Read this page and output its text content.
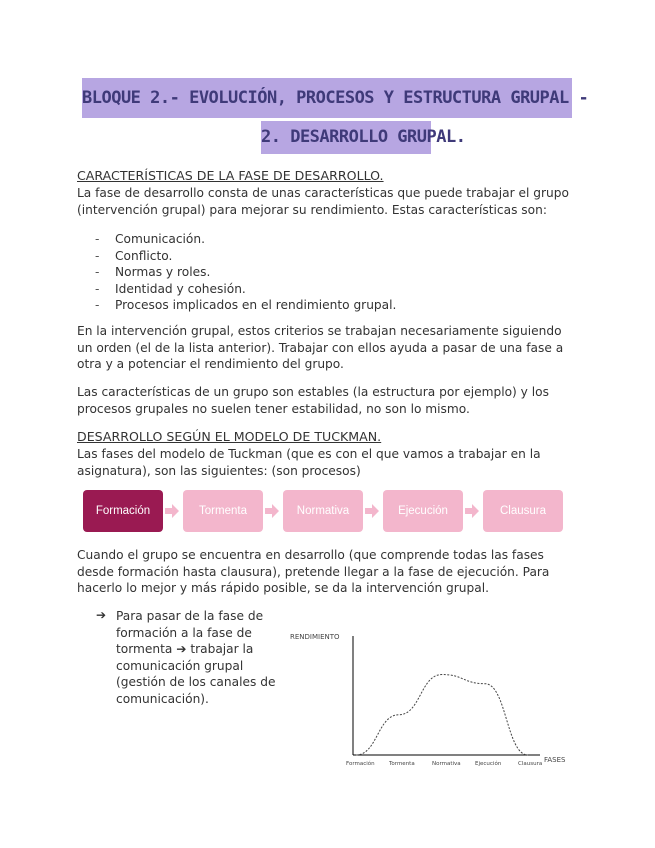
BLOQUE 2.- EVOLUCIÓN, PROCESOS Y ESTRUCTURA GRUPAL -
2. DESARROLLO GRUPAL.
CARACTERÍSTICAS DE LA FASE DE DESARROLLO.
La fase de desarrollo consta de unas características que puede trabajar el grupo (intervención grupal) para mejorar su rendimiento. Estas características son:
- Comunicación.
- Conflicto.
- Normas y roles.
- Identidad y cohesión.
- Procesos implicados en el rendimiento grupal.
En la intervención grupal, estos criterios se trabajan necesariamente siguiendo un orden (el de la lista anterior). Trabajar con ellos ayuda a pasar de una fase a otra y a potenciar el rendimiento del grupo.
Las características de un grupo son estables (la estructura por ejemplo) y los procesos grupales no suelen tener estabilidad, no son lo mismo.
DESARROLLO SEGÚN EL MODELO DE TUCKMAN.
Las fases del modelo de Tuckman (que es con el que vamos a trabajar en la asignatura), son las siguientes: (son procesos)
Formación	Tormenta	Normativa	Ejecución	Clausura
Cuando el grupo se encuentra en desarrollo (que comprende todas las fases desde formación hasta clausura), pretende llegar a la fase de ejecución. Para hacerlo lo mejor y más rápido posible, se da la intervención grupal.
➔ Para pasar de la fase de formación a la fase de tormenta ➔ trabajar la comunicación grupal (gestión de los canales de comunicación).
RENDIMIENTO
FASES
Formación	Tormenta	Normativa	Ejecución	Clausura
